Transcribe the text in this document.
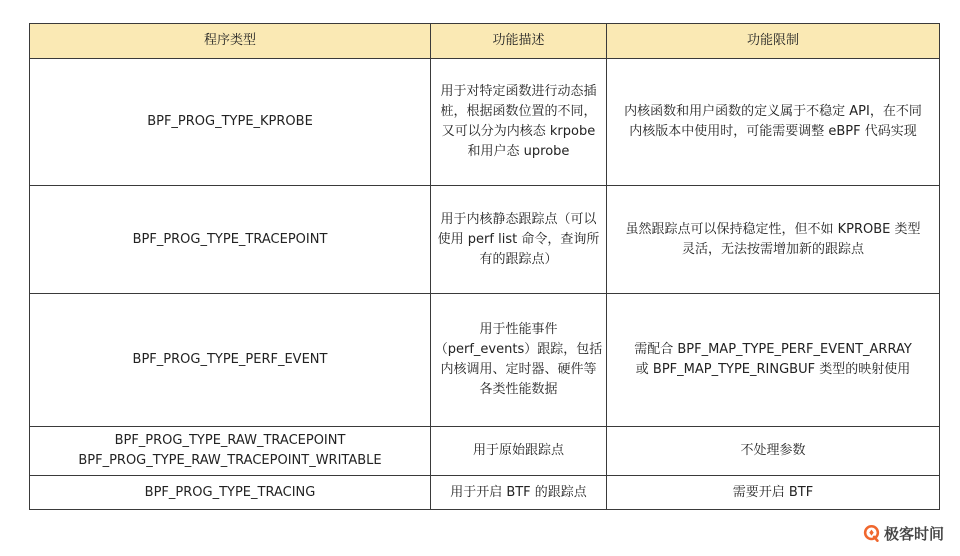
程序类型	功能描述	功能限制

BPF_PROG_TYPE_KPROBE	用于对特定函数进行动态插
桩，根据函数位置的不同，
又可以分为内核态 krpobe
和用户态 uprobe	内核函数和用户函数的定义属于不稳定 API，在不同
内核版本中使用时，可能需要调整 eBPF 代码实现

BPF_PROG_TYPE_TRACEPOINT	用于内核静态跟踪点（可以
使用 perf list 命令，查询所
有的跟踪点）	虽然跟踪点可以保持稳定性，但不如 KPROBE 类型
灵活，无法按需增加新的跟踪点

BPF_PROG_TYPE_PERF_EVENT	用于性能事件
（perf_events）跟踪，包括
内核调用、定时器、硬件等
各类性能数据	需配合 BPF_MAP_TYPE_PERF_EVENT_ARRAY
或 BPF_MAP_TYPE_RINGBUF 类型的映射使用

BPF_PROG_TYPE_RAW_TRACEPOINT
BPF_PROG_TYPE_RAW_TRACEPOINT_WRITABLE	用于原始跟踪点	不处理参数

BPF_PROG_TYPE_TRACING	用于开启 BTF 的跟踪点	需要开启 BTF
极客时间
